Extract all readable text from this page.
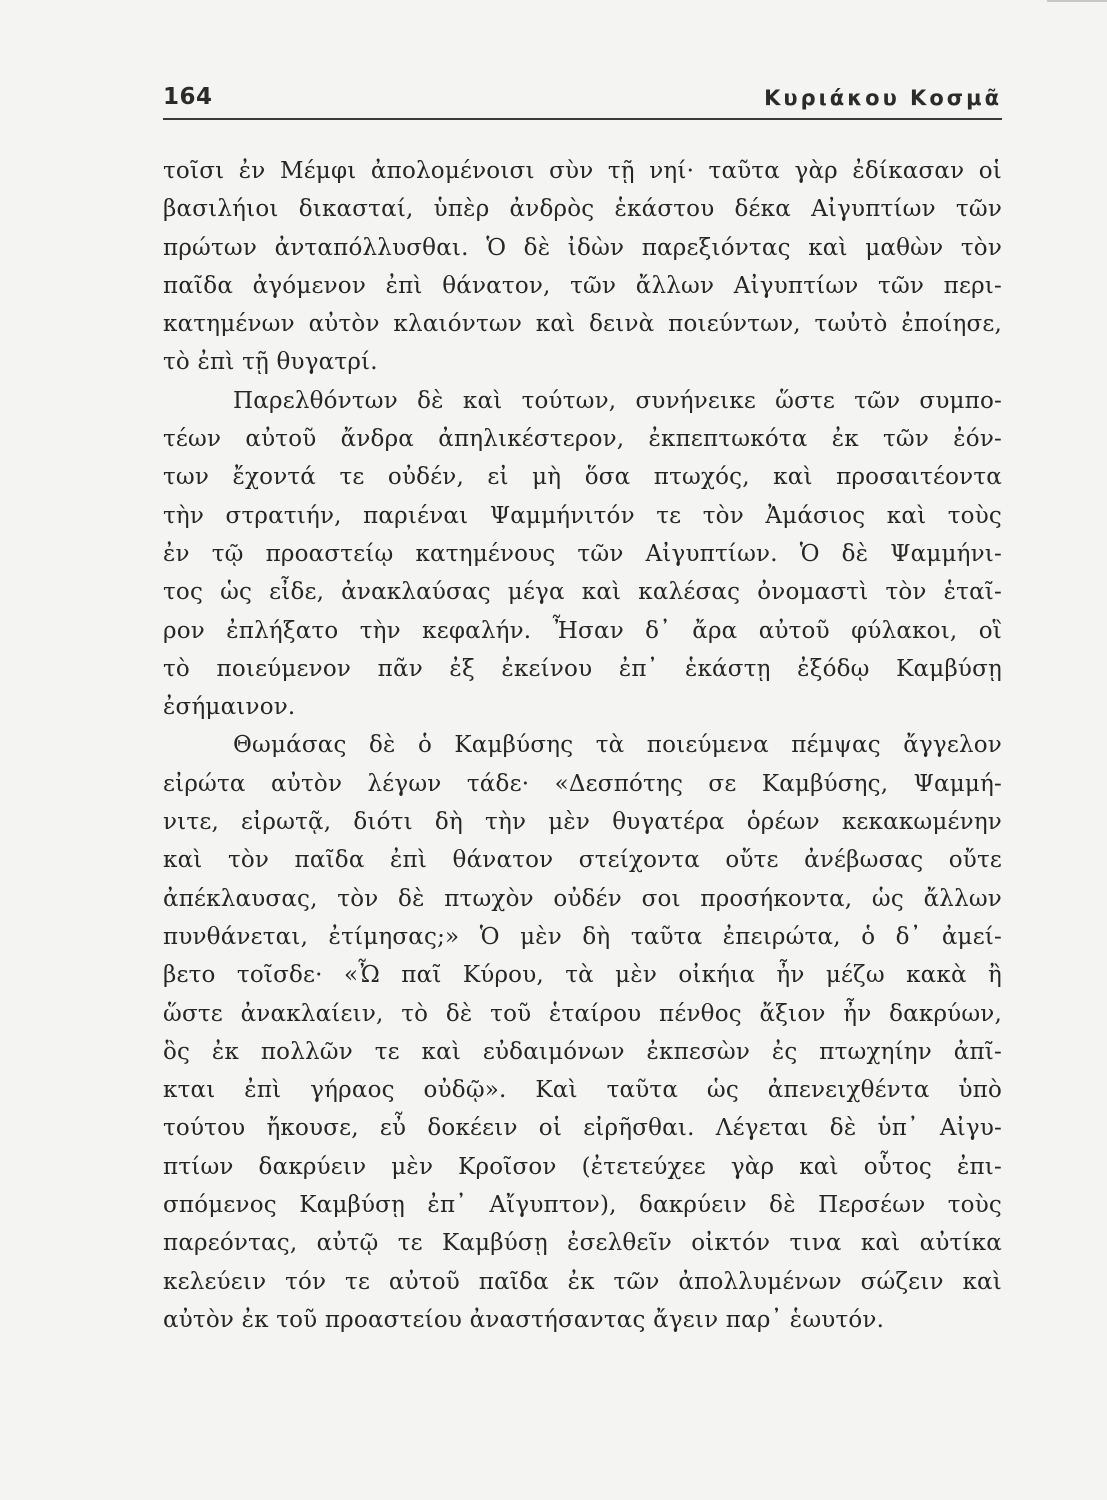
164	Κυριάκου Κοσμᾶ
τοῖσι ἐν Μέμφι ἀπολομένοισι σὺν τῇ νηί· ταῦτα γὰρ ἐδίκασαν οἱ
βασιλήιοι δικασταί, ὑπὲρ ἀνδρὸς ἑκάστου δέκα Αἰγυπτίων τῶν
πρώτων ἀνταπόλλυσθαι. Ὁ δὲ ἰδὼν παρεξιόντας καὶ μαθὼν τὸν
παῖδα ἀγόμενον ἐπὶ θάνατον, τῶν ἄλλων Αἰγυπτίων τῶν περι-
κατημένων αὐτὸν κλαιόντων καὶ δεινὰ ποιεύντων, τωὐτὸ ἐποίησε,
τὸ ἐπὶ τῇ θυγατρί.
Παρελθόντων δὲ καὶ τούτων, συνήνεικε ὥστε τῶν συμπο-
τέων αὐτοῦ ἄνδρα ἀπηλικέστερον, ἐκπεπτωκότα ἐκ τῶν ἐόν-
των ἔχοντά τε οὐδέν, εἰ μὴ ὅσα πτωχός, καὶ προσαιτέοντα
τὴν στρατιήν, παριέναι Ψαμμήνιτόν τε τὸν Ἀμάσιος καὶ τοὺς
ἐν τῷ προαστείῳ κατημένους τῶν Αἰγυπτίων. Ὁ δὲ Ψαμμήνι-
τος ὡς εἶδε, ἀνακλαύσας μέγα καὶ καλέσας ὀνομαστὶ τὸν ἑταῖ-
ρον ἐπλήξατο τὴν κεφαλήν. Ἦσαν δ᾽ ἄρα αὐτοῦ φύλακοι, οἳ
τὸ ποιεύμενον πᾶν ἐξ ἐκείνου ἐπ᾽ ἑκάστῃ ἐξόδῳ Καμβύσῃ
ἐσήμαινον.
Θωμάσας δὲ ὁ Καμβύσης τὰ ποιεύμενα πέμψας ἄγγελον
εἰρώτα αὐτὸν λέγων τάδε· «Δεσπότης σε Καμβύσης, Ψαμμή-
νιτε, εἰρωτᾷ, διότι δὴ τὴν μὲν θυγατέρα ὁρέων κεκακωμένην
καὶ τὸν παῖδα ἐπὶ θάνατον στείχοντα οὔτε ἀνέβωσας οὔτε
ἀπέκλαυσας, τὸν δὲ πτωχὸν οὐδέν σοι προσήκοντα, ὡς ἄλλων
πυνθάνεται, ἐτίμησας;» Ὁ μὲν δὴ ταῦτα ἐπειρώτα, ὁ δ᾽ ἀμεί-
βετο τοῖσδε· «Ὦ παῖ Κύρου, τὰ μὲν οἰκήια ἦν μέζω κακὰ ἢ
ὥστε ἀνακλαίειν, τὸ δὲ τοῦ ἑταίρου πένθος ἄξιον ἦν δακρύων,
ὃς ἐκ πολλῶν τε καὶ εὐδαιμόνων ἐκπεσὼν ἐς πτωχηίην ἀπῖ-
κται ἐπὶ γήραος οὐδῷ». Καὶ ταῦτα ὡς ἀπενειχθέντα ὑπὸ
τούτου ἤκουσε, εὖ δοκέειν οἱ εἰρῆσθαι. Λέγεται δὲ ὑπ᾽ Αἰγυ-
πτίων δακρύειν μὲν Κροῖσον (ἐτετεύχεε γὰρ καὶ οὗτος ἐπι-
σπόμενος Καμβύσῃ ἐπ᾽ Αἴγυπτον), δακρύειν δὲ Περσέων τοὺς
παρεόντας, αὐτῷ τε Καμβύσῃ ἐσελθεῖν οἰκτόν τινα καὶ αὐτίκα
κελεύειν τόν τε αὐτοῦ παῖδα ἐκ τῶν ἀπολλυμένων σώζειν καὶ
αὐτὸν ἐκ τοῦ προαστείου ἀναστήσαντας ἄγειν παρ᾽ ἑωυτόν.
